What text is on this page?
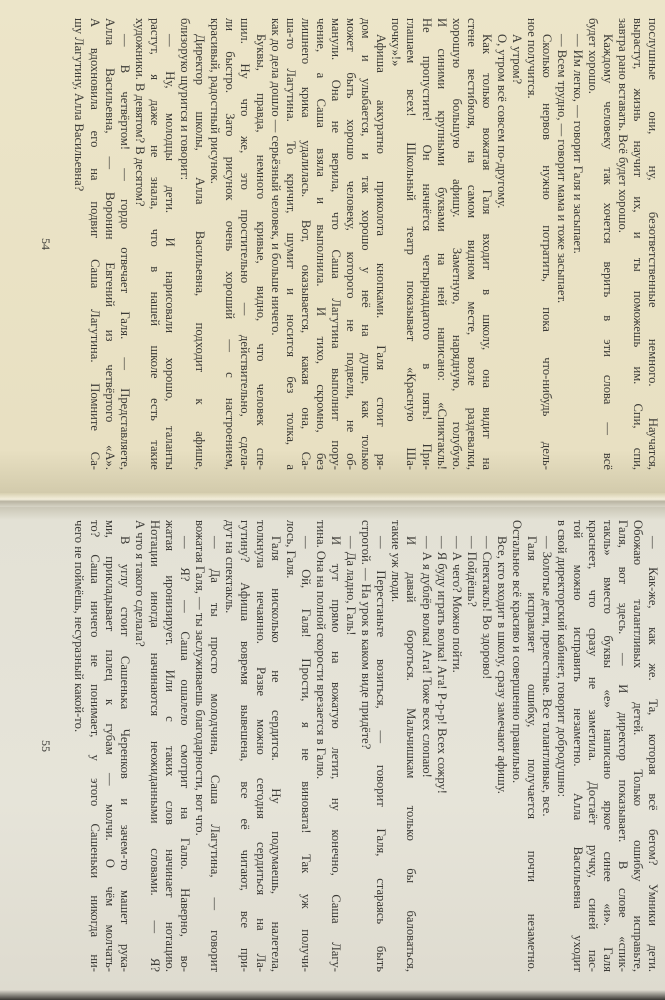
послушные они, ну, безответственные немного. Научатся,
вырастут, жизнь научит их, и ты поможешь им. Спи, спи,
завтра рано вставать. Всё будет хорошо.
Каждому человеку так хочется верить в эти слова — всё
будет хорошо.
— Им легко, — говорит Галя и засыпает.
— Всем трудно, — говорит мама и тоже засыпает.
Сколько нервов нужно потратить, пока что-нибудь дель-
ное получится.
А утром?
О, утром всё совсем по-другому.
Как только вожатая Галя входит в школу, она видит на
стене вестибюля, на самом видном месте, возле раздевалки,
хорошую большую афишу. Заметную, нарядную, голубую.
И синими крупными буквами на ней написано: «Спиктакль!
Не пропустите! Он начнётся четырнадцатого в пять! При-
глашаем всех! Школьный театр показывает «Красную Ша-
почку»!»
Афиша аккуратно приколота кнопками. Галя стоит ря-
дом и улыбается, и так хорошо у неё на душе, как только
может быть хорошо человеку, которого не подвели, не об-
манули. Она не верила, что Саша Лагутина выполнит пору-
чение, а Саша взяла и выполнила. И тихо, скромно, без
лишнего крика удалилась. Вот, оказывается, какая она, Са-
ша-то Лагутина. То кричит, шумит и носится без толка, а
как до дела дошло — серьёзный человек, и больше ничего.
Буквы, правда, немного кривые, видно, что человек спе-
шил. Ну что же, это простительно — действительно, сдела-
ли быстро. Зато рисунок очень хороший — с настроением,
красивый, радостный рисунок.
Директор школы, Алла Васильевна, подходит к афише,
близоруко щурится и говорит:
— Ну, молодцы дети. И нарисовали хорошо, таланты
растут, я даже не знала, что в нашей школе есть такие
художники. В девятом? В десятом?
— В четвёртом! — гордо отвечает Галя. — Представляете,
Алла Васильевна, — Воронин Евгений из четвёртого «А».
А вдохновила его на подвиг Саша Лагутина. Помните Са-
шу Лагутину, Алла Васильевна?
54
— Как-же, как же. Та, которая всё бегом? Умники дети.
Обожаю талантливых детей. Только ошибку исправьте,
Галя, вот здесь. — И директор показывает. В слове «спик-
такль» вместо буквы «е» написано яркое синее «и». Галя
краснеет, что сразу не заметила. Достаёт ручку, синей пас-
той можно исправить незаметно. Алла Васильевна уходит
в свой директорский кабинет, говорит добродушно:
— Золотые дети, прелестные. Все талантливые, все.
Галя исправляет ошибку, получается почти незаметно.
Остальное всё красиво и совершенно правильно.
Все, кто входит в школу, сразу замечают афишу.
— Спектакль! Во здорово!
— Пойдёшь?
— А чего? Можно пойти.
— Я буду играть волка! Ага! Р-р-р! Всех сожру!
— А я дублёр волка! Ага! Тоже всех слопаю!
И давай бороться. Мальчишкам только бы баловаться,
такие уж люди.
— Перестаньте возиться, — говорит Галя, стараясь быть
строгой. — На урок в каком виде придёте?
— Да ладно, Галь!
И тут прямо на вожатую летит, ну конечно, Саша Лагу-
тина. Она на полной скорости врезается в Галю.
— Ой, Галя! Прости, я не виновата! Так уж получи-
лось, Галя.
Галя нисколько не сердится. Ну подумаешь, налетела,
толкнула нечаянно. Разве можно сегодня сердиться на Ла-
гутину? Афиша вовремя вывешена, все её читают, все при-
дут на спектакль.
— Да ты просто молодчина, Саша Лагутина, — говорит
вожатая Галя, — ты заслуживаешь благодарности, вот что.
— Я? — Саша ошалело смотрит на Галю. Наверно, во-
жатая иронизирует. Или с таких слов начинает нотацию.
Нотации иногда начинаются неожиданными словами. — Я?
А что я такого сделала?
В углу стоит Сашенька Черенков и зачем-то машет рука-
ми, прикладывает палец к губам — молчи. О чём молчать-
то? Саша ничего не понимает, у этого Сашеньки никогда ни-
чего не поймёшь, несуразный какой-то.
55
